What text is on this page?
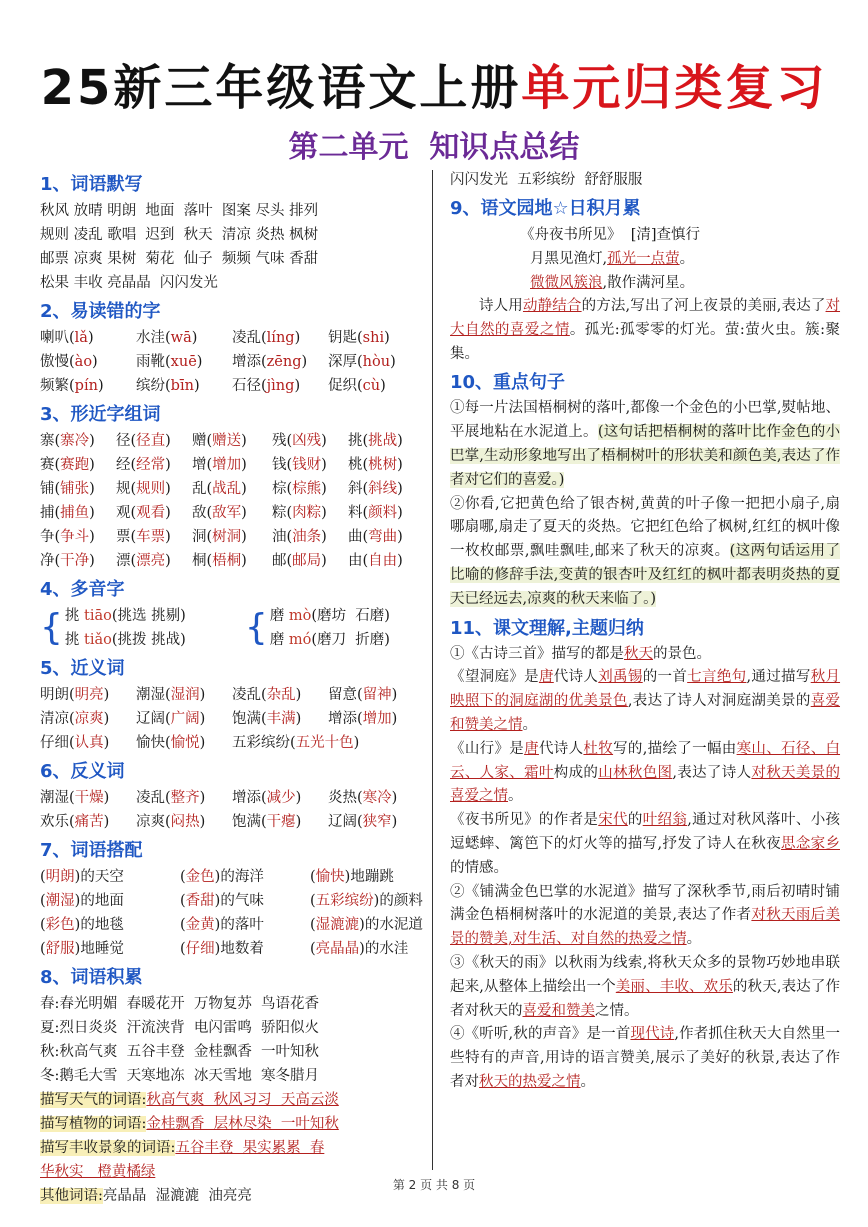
25新三年级语文上册单元归类复习
第二单元  知识点总结
1、词语默写
秋风 放晴 明朗  地面  落叶  图案 尽头 排列
规则 凌乱 歌唱  迟到  秋天  清凉 炎热 枫树
邮票 凉爽 果树  菊花  仙子  频频 气味 香甜
松果 丰收 亮晶晶  闪闪发光
2、易读错的字
喇叭(lǎ)	水洼(wā)	凌乱(líng)	钥匙(shi)
傲慢(ào)	雨靴(xuē)	增添(zēng)	深厚(hòu)
频繁(pín)	缤纷(bīn)	石径(jìng)	促织(cù)
3、形近字组词
寨(寨冷)	径(径直)	赠(赠送)	残(凶残)	挑(挑战)
赛(赛跑)	经(经常)	增(增加)	钱(钱财)	桃(桃树)
铺(铺张)	规(规则)	乱(战乱)	棕(棕熊)	斜(斜线)
捕(捕鱼)	观(观看)	敌(敌军)	粽(肉粽)	料(颜料)
争(争斗)	票(车票)	洞(树洞)	油(油条)	曲(弯曲)
净(干净)	漂(漂亮)	桐(梧桐)	邮(邮局)	由(自由)
4、多音字
{ 挑 tiāo(挑选 挑剔)
挑 tiǎo(挑拨 挑战)	{ 磨 mò(磨坊  石磨)
磨 mó(磨刀  折磨)
5、近义词
明朗(明亮)	潮湿(湿润)	凌乱(杂乱)	留意(留神)
清凉(凉爽)	辽阔(广阔)	饱满(丰满)	增添(增加)
仔细(认真)	愉快(愉悦)	五彩缤纷(五光十色)
6、反义词
潮湿(干燥)	凌乱(整齐)	增添(减少)	炎热(寒冷)
欢乐(痛苦)	凉爽(闷热)	饱满(干瘪)	辽阔(狭窄)
7、词语搭配
(明朗)的天空	(金色)的海洋	(愉快)地蹦跳
(潮湿)的地面	(香甜)的气味	(五彩缤纷)的颜料
(彩色)的地毯	(金黄)的落叶	(湿漉漉)的水泥道
(舒服)地睡觉	(仔细)地数着	(亮晶晶)的水洼
8、词语积累
春:春光明媚  春暖花开  万物复苏  鸟语花香
夏:烈日炎炎  汗流浃背  电闪雷鸣  骄阳似火
秋:秋高气爽  五谷丰登  金桂飘香  一叶知秋
冬:鹅毛大雪  天寒地冻  冰天雪地  寒冬腊月
描写天气的词语:秋高气爽  秋风习习  天高云淡
描写植物的词语:金桂飘香  层林尽染  一叶知秋
描写丰收景象的词语:五谷丰登  果实累累  春
华秋实   橙黄橘绿
其他词语:亮晶晶  湿漉漉  油亮亮
闪闪发光  五彩缤纷  舒舒服服
9、语文园地☆日积月累
《舟夜书所见》  [清]查慎行
月黑见渔灯,孤光一点萤。
微微风簇浪,散作满河星。
诗人用动静结合的方法,写出了河上夜景的美丽,表达了对大自然的喜爱之情。孤光:孤零零的灯光。萤:萤火虫。簇:聚集。
10、重点句子
①每一片法国梧桐树的落叶,都像一个金色的小巴掌,熨帖地、平展地粘在水泥道上。(这句话把梧桐树的落叶比作金色的小巴掌,生动形象地写出了梧桐树叶的形状美和颜色美,表达了作者对它们的喜爱。)
②你看,它把黄色给了银杏树,黄黄的叶子像一把把小扇子,扇哪扇哪,扇走了夏天的炎热。它把红色给了枫树,红红的枫叶像一枚枚邮票,飘哇飘哇,邮来了秋天的凉爽。(这两句话运用了比喻的修辞手法,变黄的银杏叶及红红的枫叶都表明炎热的夏天已经远去,凉爽的秋天来临了。)
11、课文理解,主题归纳
①《古诗三首》描写的都是秋天的景色。
《望洞庭》是唐代诗人刘禹锡的一首七言绝句,通过描写秋月映照下的洞庭湖的优美景色,表达了诗人对洞庭湖美景的喜爱和赞美之情。
《山行》是唐代诗人杜牧写的,描绘了一幅由寒山、石径、白云、人家、霜叶构成的山林秋色图,表达了诗人对秋天美景的喜爱之情。
《夜书所见》的作者是宋代的叶绍翁,通过对秋风落叶、小孩逗蟋蟀、篱笆下的灯火等的描写,抒发了诗人在秋夜思念家乡的情感。
②《铺满金色巴掌的水泥道》描写了深秋季节,雨后初晴时铺满金色梧桐树落叶的水泥道的美景,表达了作者对秋天雨后美景的赞美,对生活、对自然的热爱之情。
③《秋天的雨》以秋雨为线索,将秋天众多的景物巧妙地串联起来,从整体上描绘出一个美丽、丰收、欢乐的秋天,表达了作者对秋天的喜爱和赞美之情。
④《听听,秋的声音》是一首现代诗,作者抓住秋天大自然里一些特有的声音,用诗的语言赞美,展示了美好的秋景,表达了作者对秋天的热爱之情。
第 2 页 共 8 页
